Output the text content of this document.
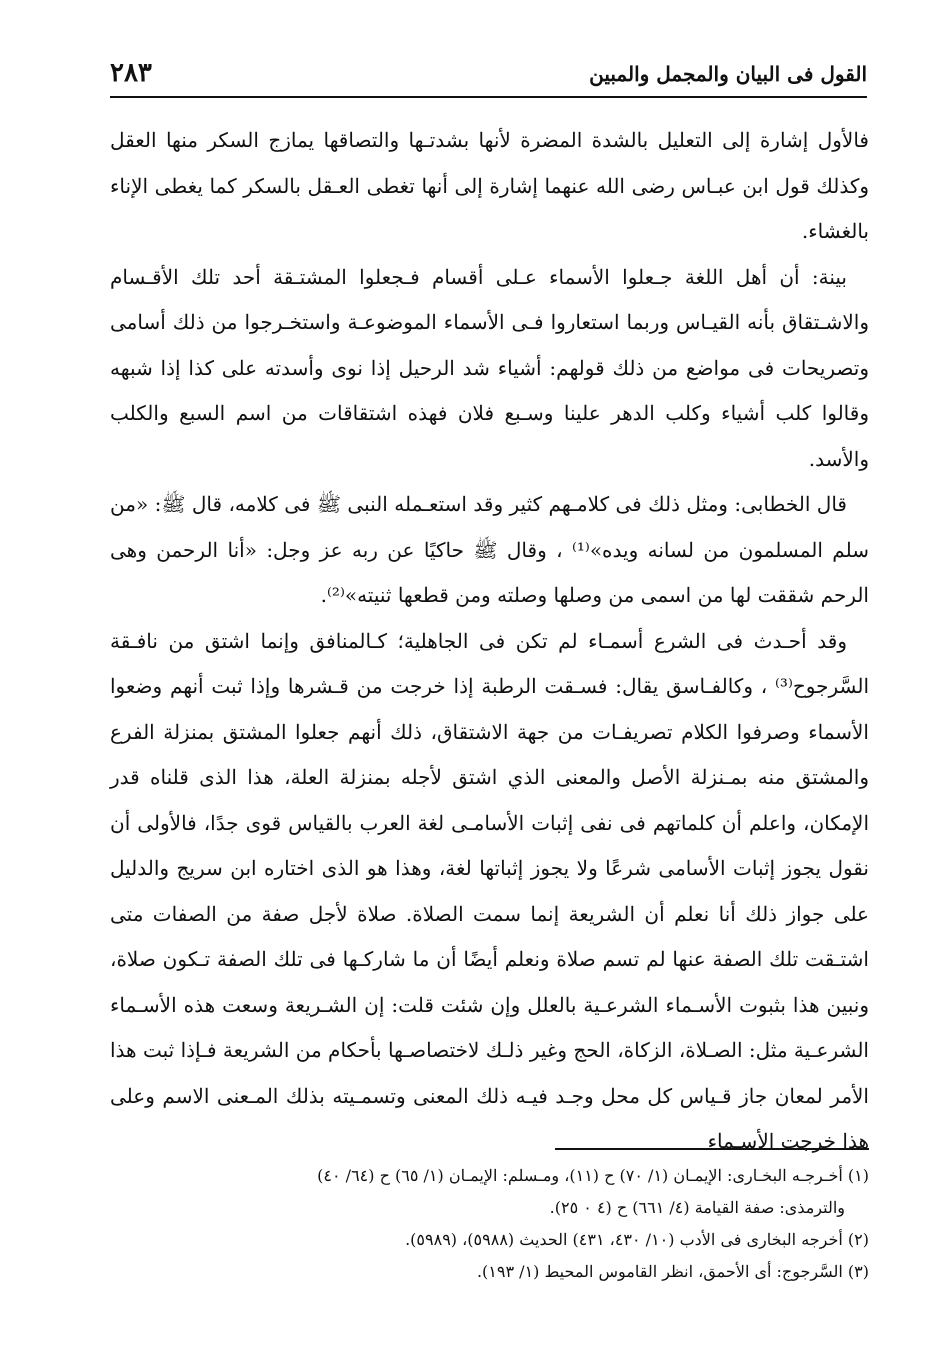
القول فى البيان والمجمل والمبين
٢٨٣

فالأول إشارة إلى التعليل بالشدة المضرة لأنها بشدتـها والتصاقها يمازج السكر منها العقل وكذلك قول ابن عبـاس رضى الله عنهما إشارة إلى أنها تغطى العـقل بالسكر كما يغطى الإناء بالغشاء.

بينة: أن أهل اللغة جـعلوا الأسماء عـلى أقسام فـجعلوا المشتـقة أحد تلك الأقـسام والاشـتقاق بأنه القيـاس وربما استعاروا فـى الأسماء الموضوعـة واستخـرجوا من ذلك أسامى وتصريحات فى مواضع من ذلك قولهم: أشياء شد الرحيل إذا نوى وأسدته على كذا إذا شبهه وقالوا كلب أشياء وكلب الدهر علينا وسـبع فلان فهذه اشتقاقات من اسم السبع والكلب والأسد.

قال الخطابى: ومثل ذلك فى كلامـهم كثير وقد استعـمله النبى ﷺ فى كلامه، قال ﷺ: «من سلم المسلمون من لسانه ويده»⁽¹⁾ ، وقال ﷺ حاكيًا عن ربه عز وجل: «أنا الرحمن وهى الرحم شققت لها من اسمى من وصلها وصلته ومن قطعها ثنيته»⁽²⁾.

وقد أحـدث فى الشرع أسمـاء لم تكن فى الجاهلية؛ كـالمنافق وإنما اشتق من نافـقة السَّرجوح⁽³⁾ ، وكالفـاسق يقال: فسـقت الرطبة إذا خرجت من قـشرها وإذا ثبت أنهم وضعوا الأسماء وصرفوا الكلام تصريفـات من جهة الاشتقاق، ذلك أنهم جعلوا المشتق بمنزلة الفرع والمشتق منه بمـنزلة الأصل والمعنى الذي اشتق لأجله بمنزلة العلة، هذا الذى قلناه قدر الإمكان، واعلم أن كلماتهم فى نفى إثبات الأسامـى لغة العرب بالقياس قوى جدًا، فالأولى أن نقول يجوز إثبات الأسامى شرعًا ولا يجوز إثباتها لغة، وهذا هو الذى اختاره ابن سريج والدليل على جواز ذلك أنا نعلم أن الشريعة إنما سمت الصلاة. صلاة لأجل صفة من الصفات متى اشتـقت تلك الصفة عنها لم تسم صلاة ونعلم أيضًا أن ما شاركـها فى تلك الصفة تـكون صلاة، ونبين هذا بثبوت الأسـماء الشرعـية بالعلل وإن شئت قلت: إن الشـريعة وسعت هذه الأسـماء الشرعـية مثل: الصـلاة، الزكاة، الحج وغير ذلـك لاختصاصـها بأحكام من الشريعة فـإذا ثبت هذا الأمر لمعان جاز قـياس كل محل وجـد فيـه ذلك المعنى وتسمـيته بذلك المـعنى الاسم وعلى هذا خرجت الأسـماء

(١) أخـرجـه البخـارى: الإيمـان (١/ ٧٠) ح (١١)، ومـسلم: الإيمـان (١/ ٦٥) ح (٦٤/ ٤٠)
والترمذى: صفة القيامة (٤/ ٦٦١) ح (٤ ٠ ٢٥).
(٢) أخرجه البخارى فى الأدب (١٠/ ٤٣٠، ٤٣١) الحديث (٥٩٨٨)، (٥٩٨٩).
(٣) السَّرجوج: أى الأحمق، انظر القاموس المحيط (١/ ١٩٣).
